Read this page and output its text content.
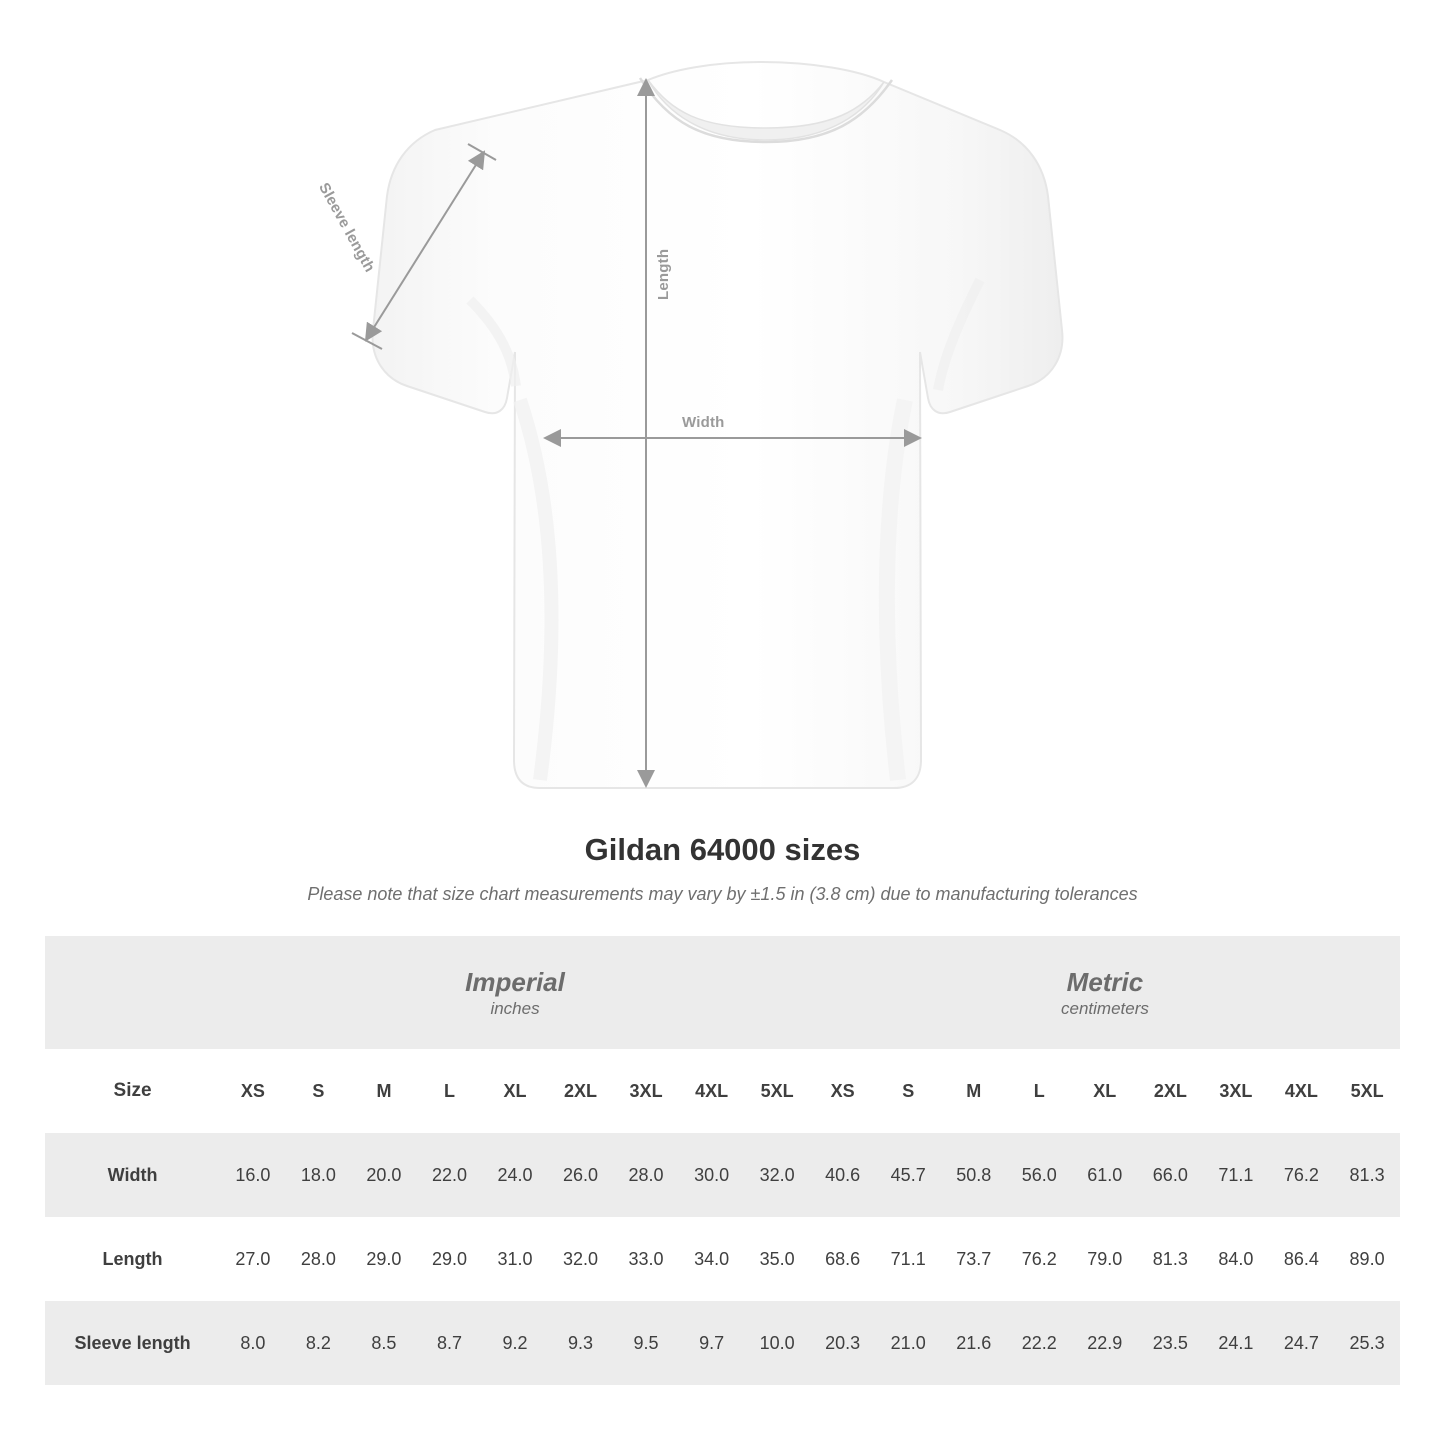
Sleeve length	Length
Width
Gildan 64000 sizes

Please note that size chart measurements may vary by ±1.5 in (3.8 cm) due to manufacturing tolerances

Imperial
inches

Metric
centimeters

Size	XS	S	M	L	XL	2XL	3XL	4XL	5XL	XS	S	M	L	XL	2XL	3XL	4XL	5XL
Width	16.0	18.0	20.0	22.0	24.0	26.0	28.0	30.0	32.0	40.6	45.7	50.8	56.0	61.0	66.0	71.1	76.2	81.3
Length	27.0	28.0	29.0	29.0	31.0	32.0	33.0	34.0	35.0	68.6	71.1	73.7	76.2	79.0	81.3	84.0	86.4	89.0
Sleeve length	8.0	8.2	8.5	8.7	9.2	9.3	9.5	9.7	10.0	20.3	21.0	21.6	22.2	22.9	23.5	24.1	24.7	25.3
